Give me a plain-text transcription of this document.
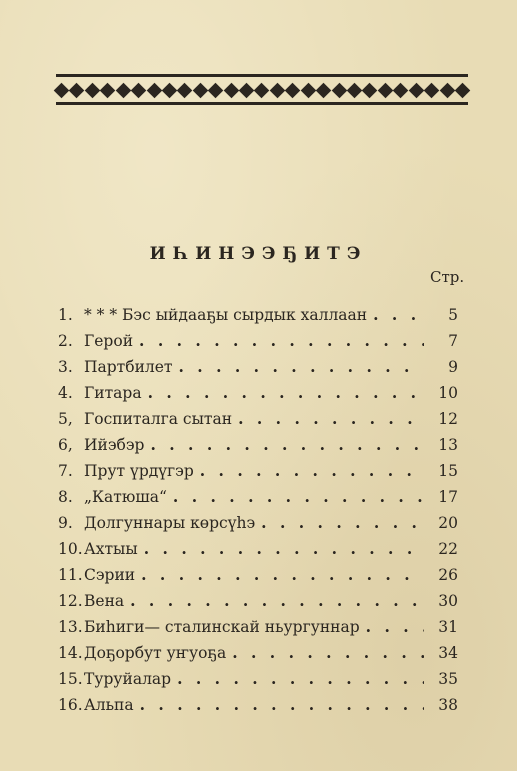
ИҺИНЭЭҔИТЭ
Стр.
1. * * * Бэс ыйдааҕы сырдык халлаан . . .	5
2. Герой . . .	7
3. Партбилет . . .	9
4. Гитара . . .	10
5, Госпиталга сытан . . .	12
6, Ийэбэр . . .	13
7. Прут үрдүгэр . . .	15
8. „Катюша“ . . .	17
9. Долгуннары көрсүһэ . . .	20
10. Ахтыы . . .	22
11. Сэрии . . .	26
12. Вена . . .	30
13. Биһиги— сталинскай ньургуннар . . .	31
14. Доҕорбут уҥуоҕа . . .	34
15. Туруйалар . . .	35
16. Альпа . . .	38
